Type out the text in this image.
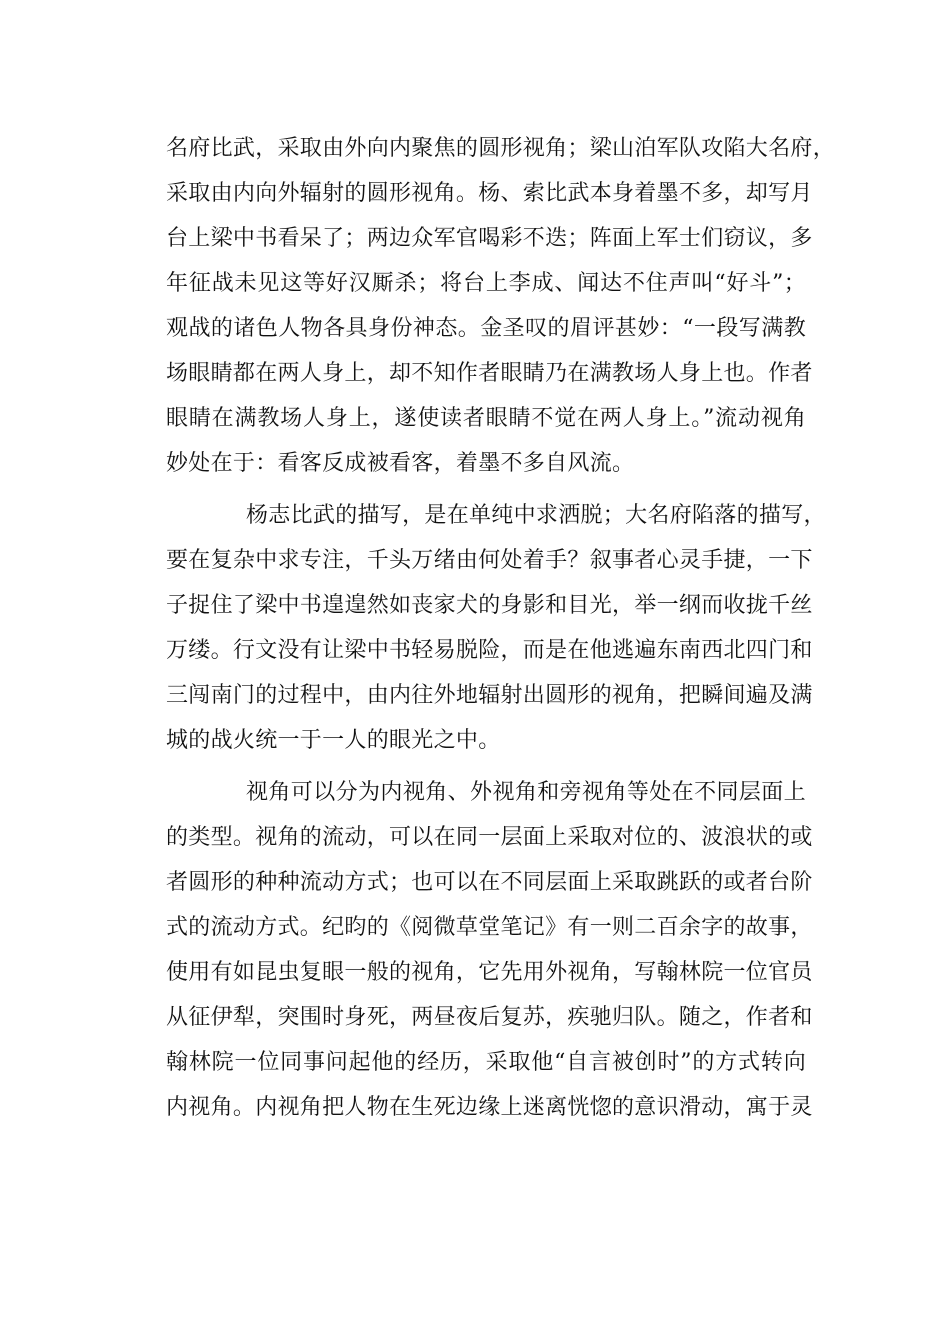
名府比武，采取由外向内聚焦的圆形视角；梁山泊军队攻陷大名府，
采取由内向外辐射的圆形视角。杨、索比武本身着墨不多，却写月
台上梁中书看呆了；两边众军官喝彩不迭；阵面上军士们窃议，多
年征战未见这等好汉厮杀；将台上李成、闻达不住声叫“好斗”；
观战的诸色人物各具身份神态。金圣叹的眉评甚妙：“一段写满教
场眼睛都在两人身上，却不知作者眼睛乃在满教场人身上也。作者
眼睛在满教场人身上，遂使读者眼睛不觉在两人身上。”流动视角
妙处在于：看客反成被看客，着墨不多自风流。
杨志比武的描写，是在单纯中求洒脱；大名府陷落的描写，
要在复杂中求专注，千头万绪由何处着手？叙事者心灵手捷，一下
子捉住了梁中书遑遑然如丧家犬的身影和目光，举一纲而收拢千丝
万缕。行文没有让梁中书轻易脱险，而是在他逃遍东南西北四门和
三闯南门的过程中，由内往外地辐射出圆形的视角，把瞬间遍及满
城的战火统一于一人的眼光之中。
视角可以分为内视角、外视角和旁视角等处在不同层面上
的类型。视角的流动，可以在同一层面上采取对位的、波浪状的或
者圆形的种种流动方式；也可以在不同层面上采取跳跃的或者台阶
式的流动方式。纪昀的《阅微草堂笔记》有一则二百余字的故事，
使用有如昆虫复眼一般的视角，它先用外视角，写翰林院一位官员
从征伊犁，突围时身死，两昼夜后复苏，疾驰归队。随之，作者和
翰林院一位同事问起他的经历，采取他“自言被创时”的方式转向
内视角。内视角把人物在生死边缘上迷离恍惚的意识滑动，寓于灵
